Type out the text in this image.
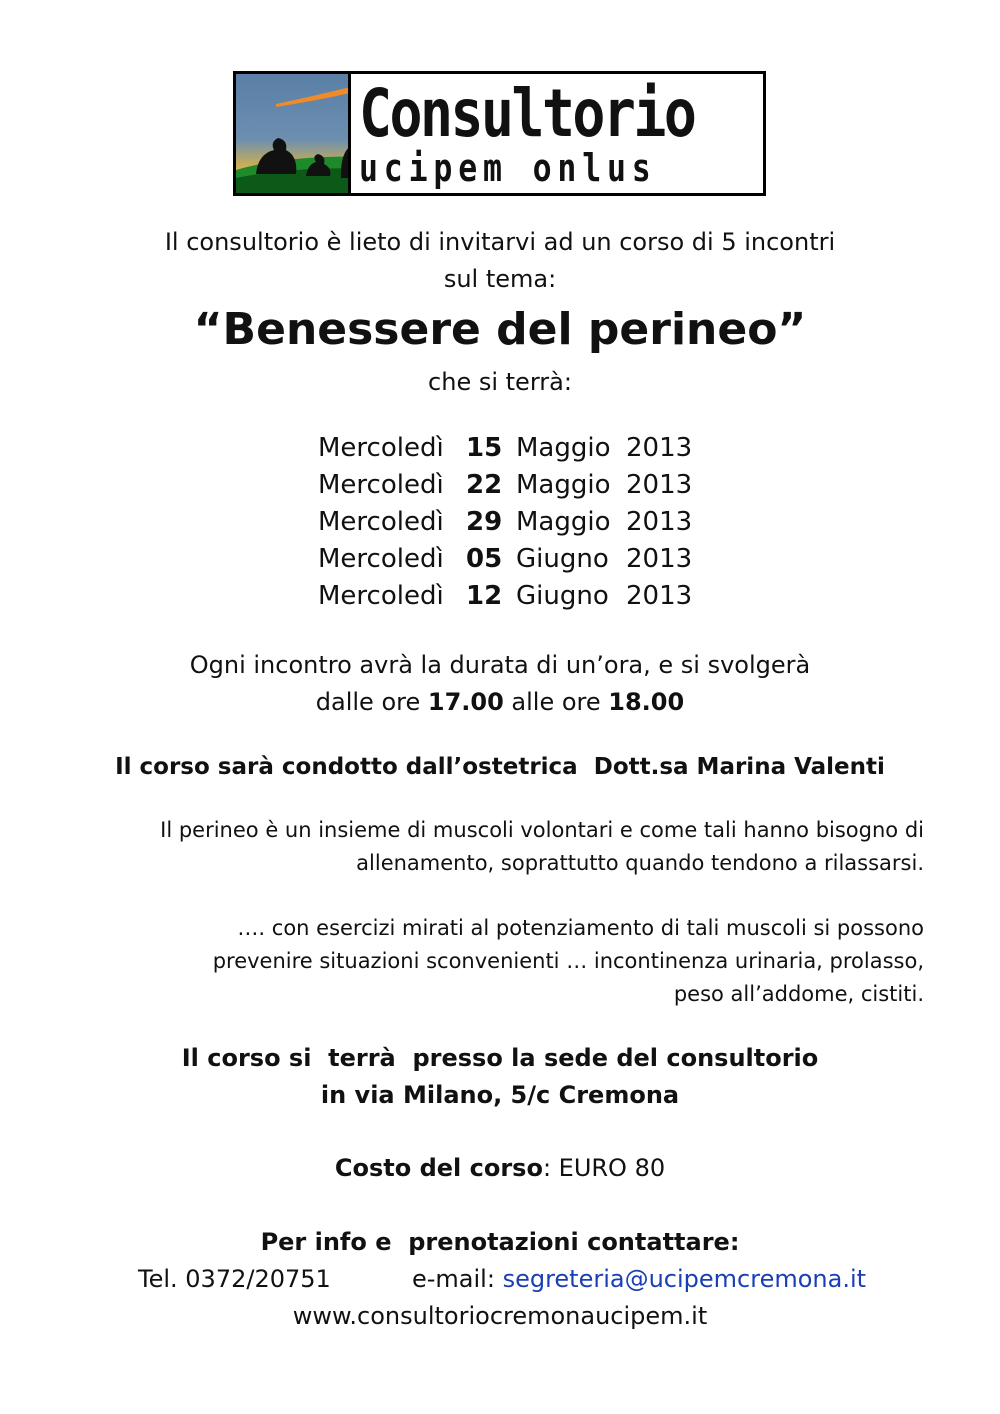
Consultorio
ucipem onlus
Il consultorio è lieto di invitarvi ad un corso di 5 incontri
sul tema:
“Benessere del perineo”
che si terrà:
Mercoledì 15 Maggio 2013
Mercoledì 22 Maggio 2013
Mercoledì 29 Maggio 2013
Mercoledì 05 Giugno 2013
Mercoledì 12 Giugno 2013
Ogni incontro avrà la durata di un’ora, e si svolgerà
dalle ore 17.00 alle ore 18.00
Il corso sarà condotto dall’ostetrica  Dott.sa Marina Valenti
Il perineo è un insieme di muscoli volontari e come tali hanno bisogno di
allenamento, soprattutto quando tendono a rilassarsi.
…. con esercizi mirati al potenziamento di tali muscoli si possono
prevenire situazioni sconvenienti … incontinenza urinaria, prolasso,
peso all’addome, cistiti.
Il corso si  terrà  presso la sede del consultorio
in via Milano, 5/c Cremona
Costo del corso: EURO 80
Per info e  prenotazioni contattare:
Tel. 0372/20751	e-mail: segreteria@ucipemcremona.it
www.consultoriocremonaucipem.it
